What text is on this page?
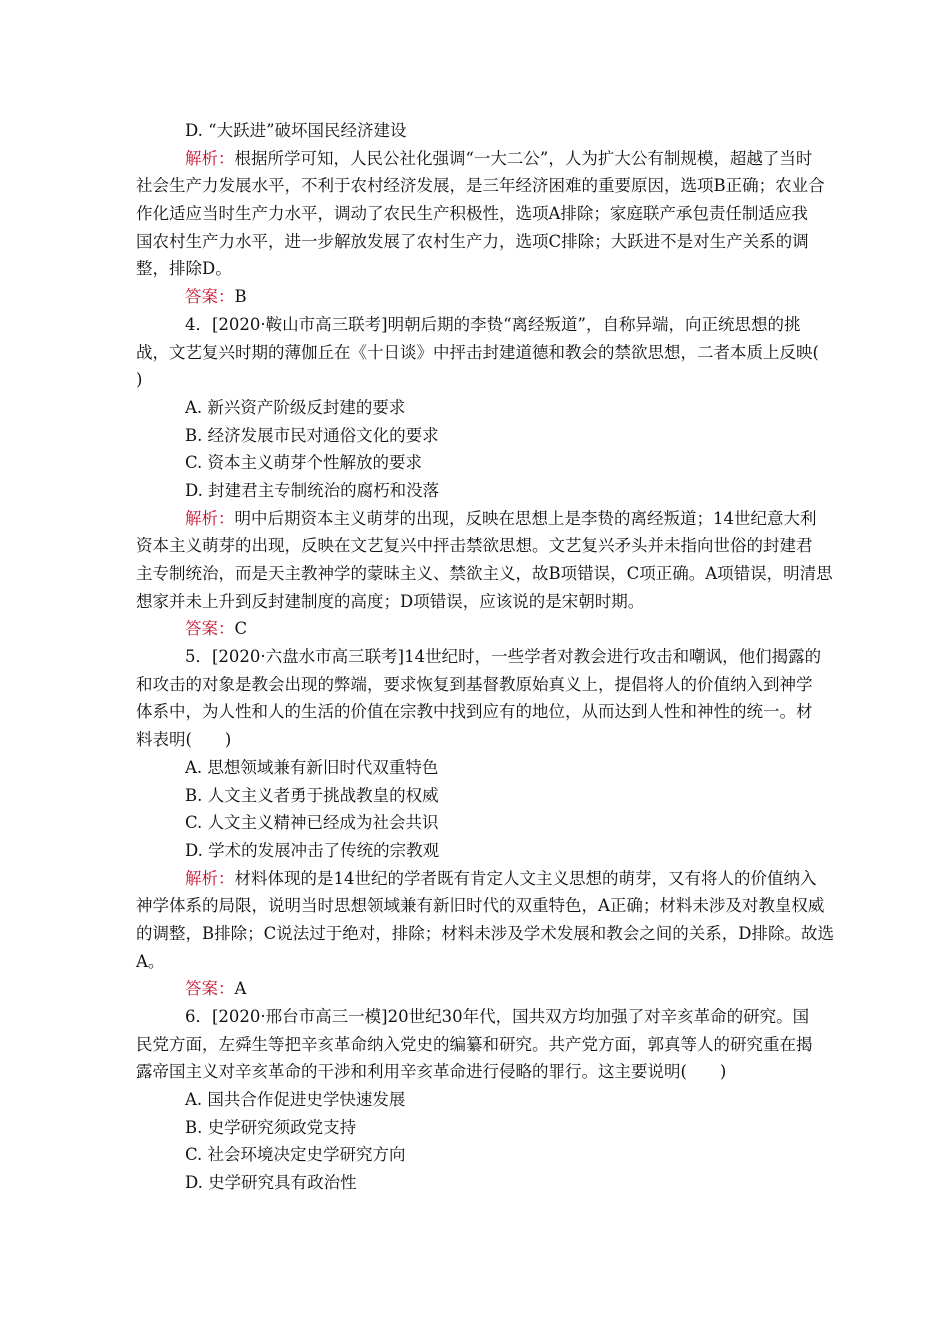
D. “大跃进”破坏国民经济建设
解析：根据所学可知，人民公社化强调“一大二公”，人为扩大公有制规模，超越了当时
社会生产力发展水平，不利于农村经济发展，是三年经济困难的重要原因，选项B正确；农业合
作化适应当时生产力水平，调动了农民生产积极性，选项A排除；家庭联产承包责任制适应我
国农村生产力水平，进一步解放发展了农村生产力，选项C排除；大跃进不是对生产关系的调
整，排除D。
答案：B
4．[2020·鞍山市高三联考]明朝后期的李贽“离经叛道”，自称异端，向正统思想的挑
战，文艺复兴时期的薄伽丘在《十日谈》中抨击封建道德和教会的禁欲思想，二者本质上反映(
)
A. 新兴资产阶级反封建的要求
B. 经济发展市民对通俗文化的要求
C. 资本主义萌芽个性解放的要求
D. 封建君主专制统治的腐朽和没落
解析：明中后期资本主义萌芽的出现，反映在思想上是李贽的离经叛道；14世纪意大利
资本主义萌芽的出现，反映在文艺复兴中抨击禁欲思想。文艺复兴矛头并未指向世俗的封建君
主专制统治，而是天主教神学的蒙昧主义、禁欲主义，故B项错误，C项正确。A项错误，明清思
想家并未上升到反封建制度的高度；D项错误，应该说的是宋朝时期。
答案：C
5．[2020·六盘水市高三联考]14世纪时，一些学者对教会进行攻击和嘲讽，他们揭露的
和攻击的对象是教会出现的弊端，要求恢复到基督教原始真义上，提倡将人的价值纳入到神学
体系中，为人性和人的生活的价值在宗教中找到应有的地位，从而达到人性和神性的统一。材
料表明(　　)
A. 思想领域兼有新旧时代双重特色
B. 人文主义者勇于挑战教皇的权威
C. 人文主义精神已经成为社会共识
D. 学术的发展冲击了传统的宗教观
解析：材料体现的是14世纪的学者既有肯定人文主义思想的萌芽，又有将人的价值纳入
神学体系的局限，说明当时思想领域兼有新旧时代的双重特色，A正确；材料未涉及对教皇权威
的调整，B排除；C说法过于绝对，排除；材料未涉及学术发展和教会之间的关系，D排除。故选
A。
答案：A
6．[2020·邢台市高三一模]20世纪30年代，国共双方均加强了对辛亥革命的研究。国
民党方面，左舜生等把辛亥革命纳入党史的编纂和研究。共产党方面，郭真等人的研究重在揭
露帝国主义对辛亥革命的干涉和利用辛亥革命进行侵略的罪行。这主要说明(　　)
A. 国共合作促进史学快速发展
B. 史学研究须政党支持
C. 社会环境决定史学研究方向
D. 史学研究具有政治性
